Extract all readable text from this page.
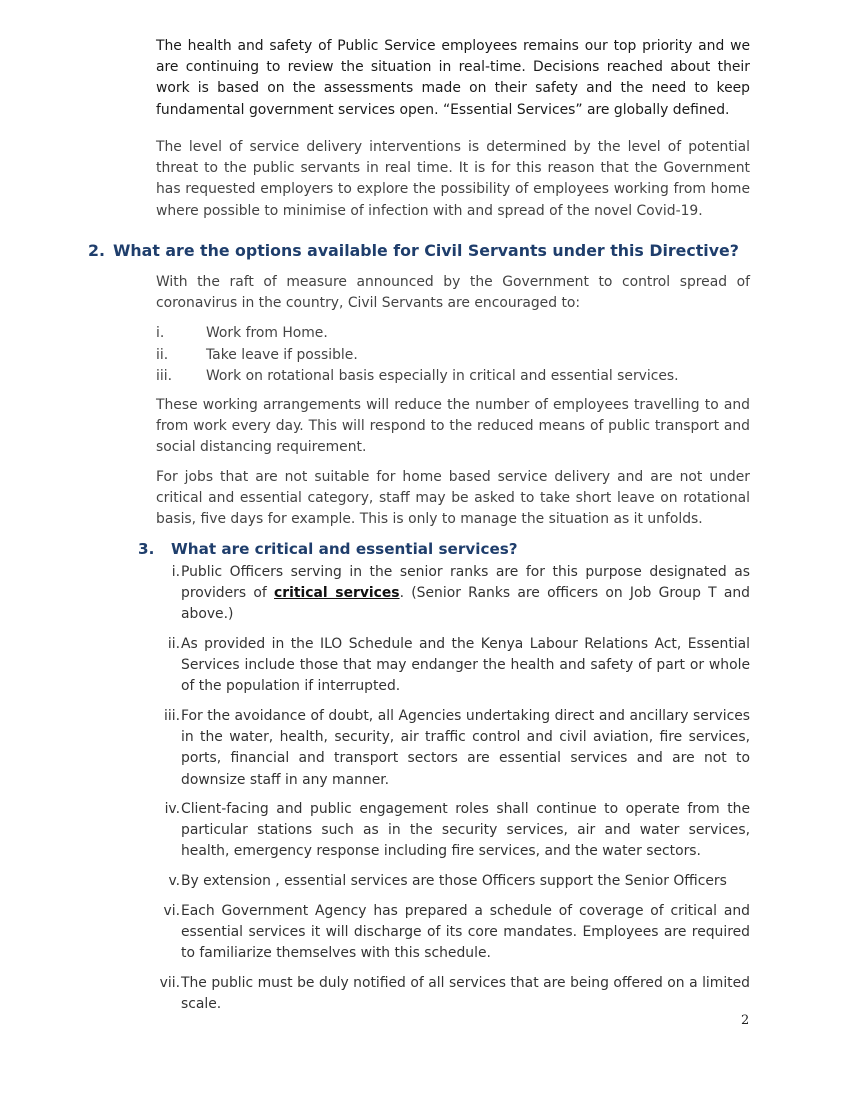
The health and safety of Public Service employees remains our top priority and we are continuing to review the situation in real-time. Decisions reached about their work is based on the assessments made on their safety and the need to keep fundamental government services open. “Essential Services” are globally defined.

The level of service delivery interventions is determined by the level of potential threat to the public servants in real time. It is for this reason that the Government has requested employers to explore the possibility of employees working from home where possible to minimise of infection with and spread of the novel Covid-19.

2. What are the options available for Civil Servants under this Directive?

With the raft of measure announced by the Government to control spread of coronavirus in the country, Civil Servants are encouraged to:

i.	Work from Home.
ii.	Take leave if possible.
iii. Work on rotational basis especially in critical and essential services.

These working arrangements will reduce the number of employees travelling to and from work every day. This will respond to the reduced means of public transport and social distancing requirement.

For jobs that are not suitable for home based service delivery and are not under critical and essential category, staff may be asked to take short leave on rotational basis, five days for example. This is only to manage the situation as it unfolds.

3. What are critical and essential services?
i. Public Officers serving in the senior ranks are for this purpose designated as providers of critical services. (Senior Ranks are officers on Job Group T and above.)
ii. As provided in the ILO Schedule and the Kenya Labour Relations Act, Essential Services include those that may endanger the health and safety of part or whole of the population if interrupted.
iii. For the avoidance of doubt, all Agencies undertaking direct and ancillary services in the water, health, security, air traffic control and civil aviation, fire services, ports, financial and transport sectors are essential services and are not to downsize staff in any manner.
iv. Client-facing and public engagement roles shall continue to operate from the particular stations such as in the security services, air and water services, health, emergency response including fire services, and the water sectors.
v. By extension , essential services are those Officers support the Senior Officers
vi. Each Government Agency has prepared a schedule of coverage of critical and essential services it will discharge of its core mandates. Employees are required to familiarize themselves with this schedule.
vii. The public must be duly notified of all services that are being offered on a limited scale.
2
